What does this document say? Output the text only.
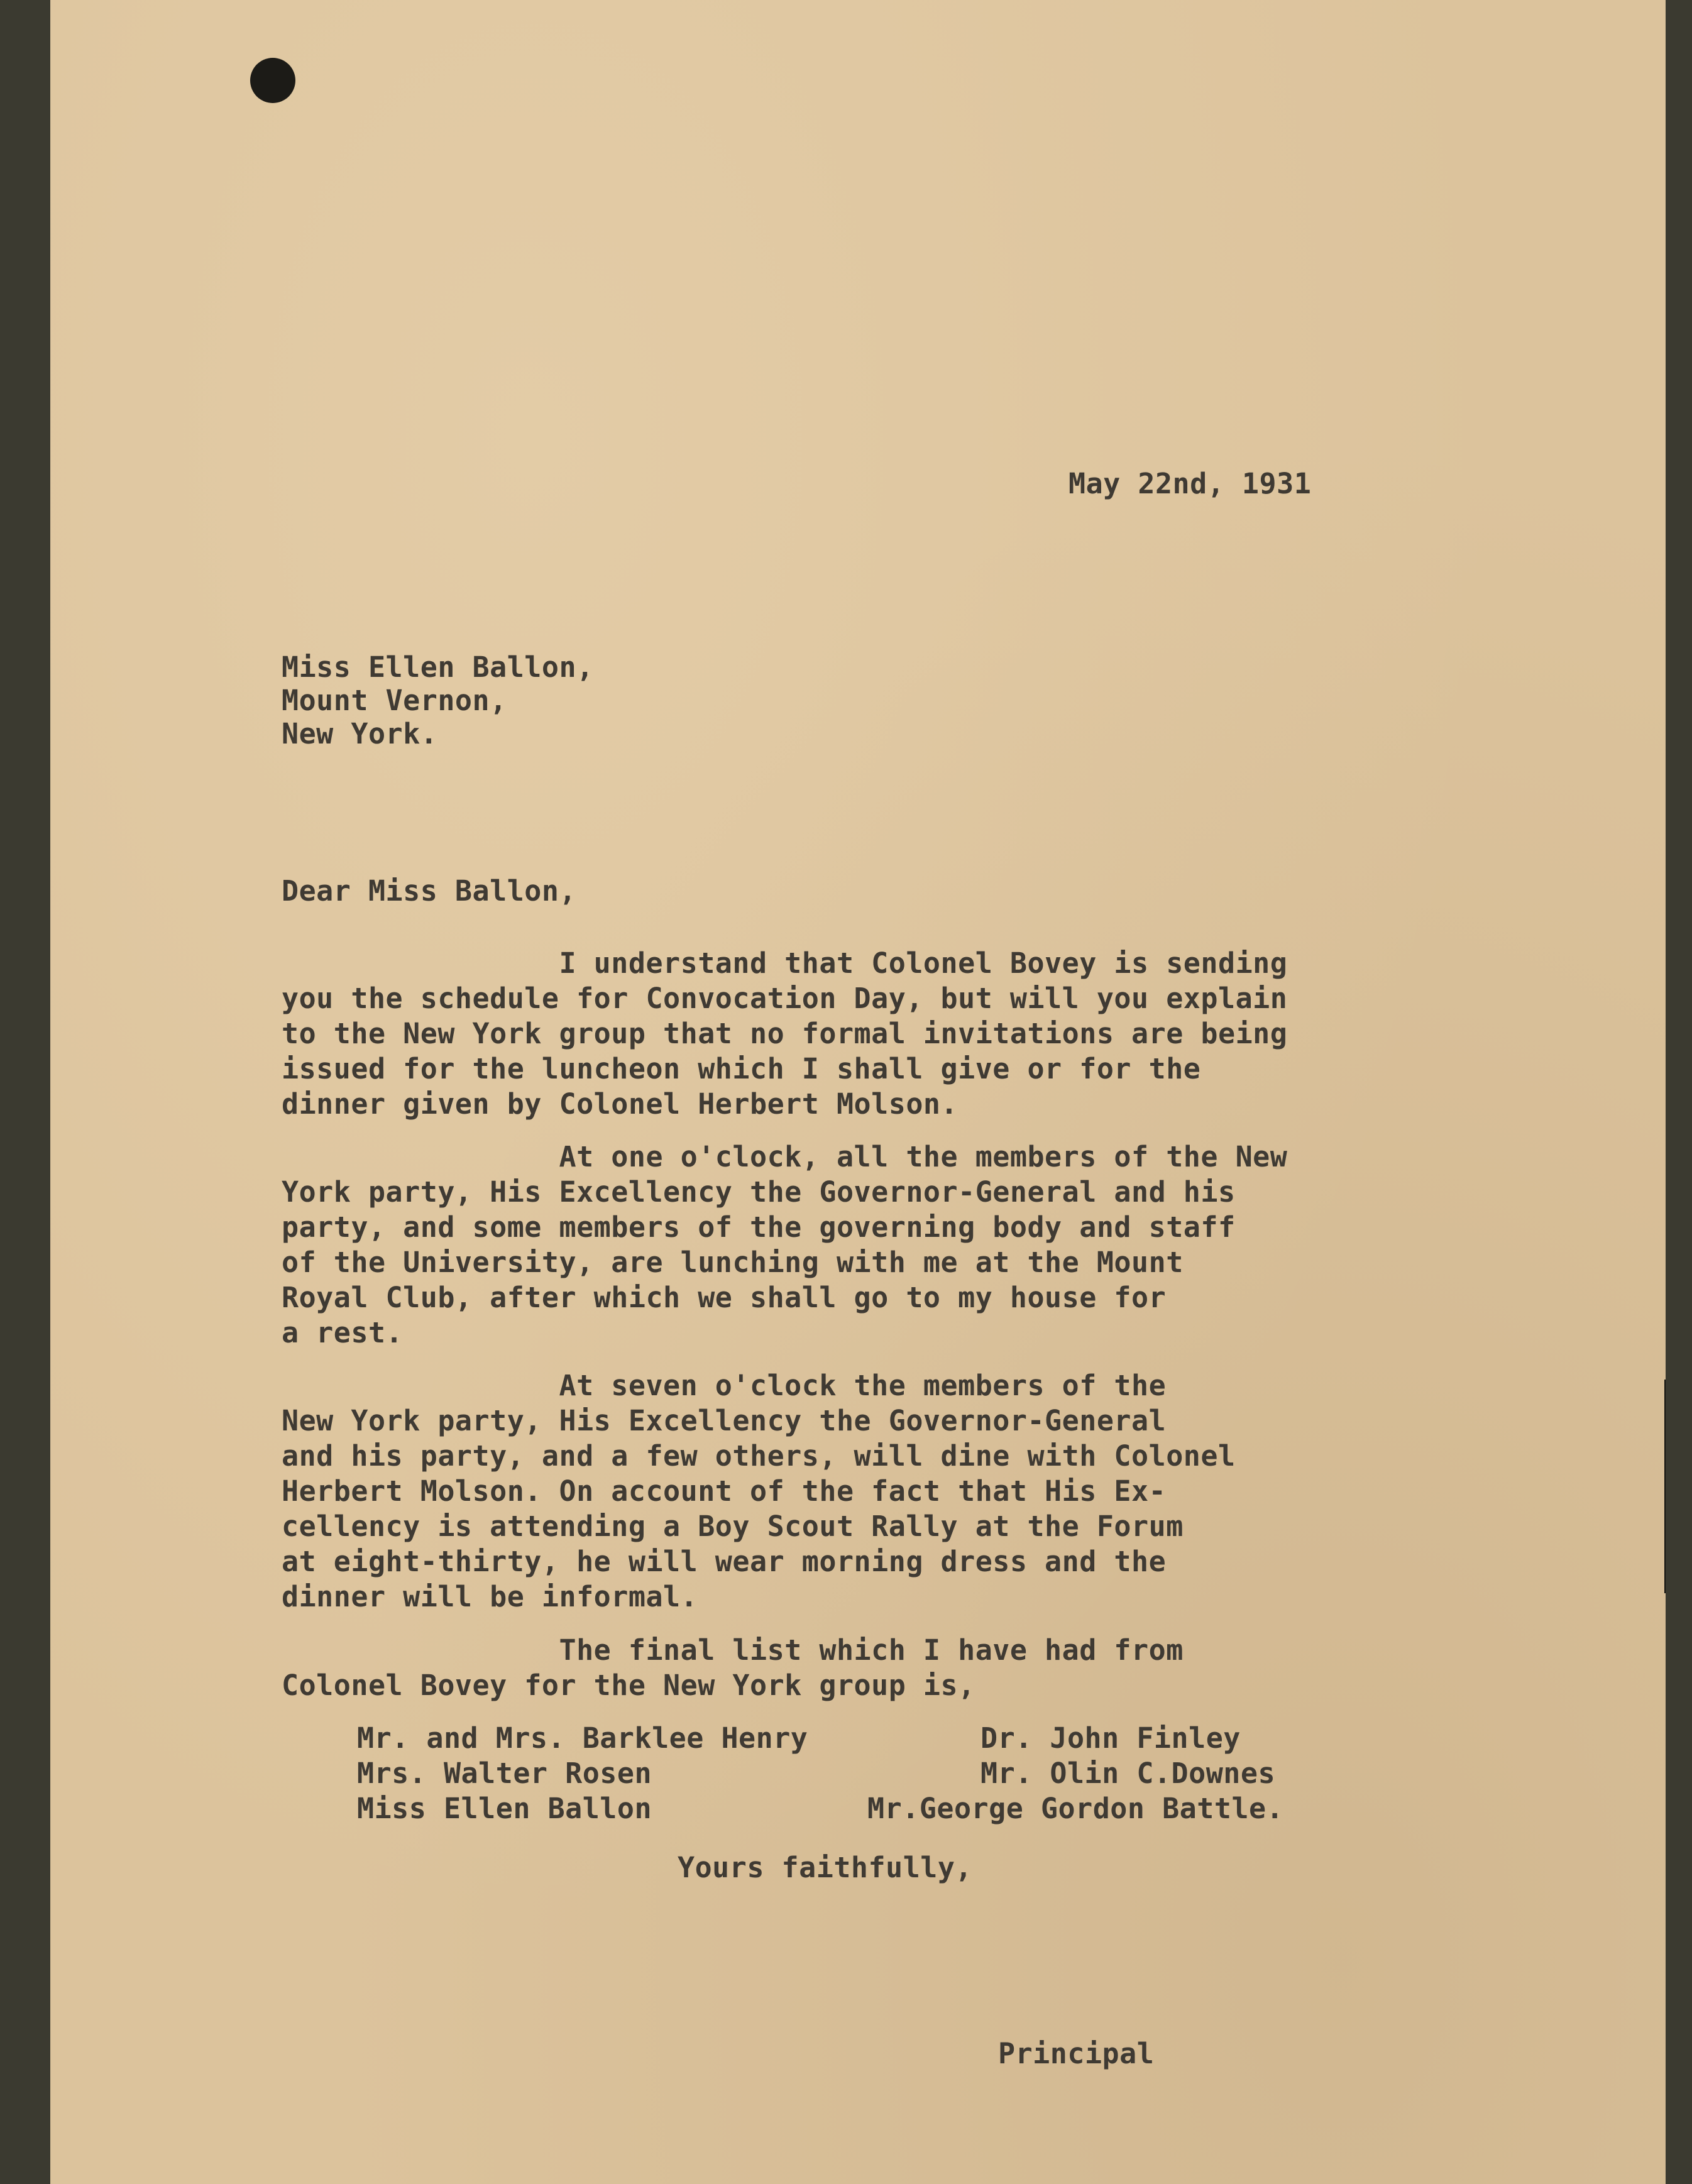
May 22nd, 1931
Miss Ellen Ballon,
Mount Vernon,
New York.
Dear Miss Ballon,
I understand that Colonel Bovey is sending
you the schedule for Convocation Day, but will you explain
to the New York group that no formal invitations are being
issued for the luncheon which I shall give or for the
dinner given by Colonel Herbert Molson.
At one o'clock, all the members of the New
York party, His Excellency the Governor-General and his
party, and some members of the governing body and staff
of the University, are lunching with me at the Mount
Royal Club, after which we shall go to my house for
a rest.
At seven o'clock the members of the
New York party, His Excellency the Governor-General
and his party, and a few others, will dine with Colonel
Herbert Molson. On account of the fact that His Ex-
cellency is attending a Boy Scout Rally at the Forum
at eight-thirty, he will wear morning dress and the
dinner will be informal.
The final list which I have had from
Colonel Bovey for the New York group is,
Mr. and Mrs. Barklee Henry
Mrs. Walter Rosen
Miss Ellen Ballon
Dr. John Finley
Mr. Olin C.Downes
Mr.George Gordon Battle.
Yours faithfully,
Principal
